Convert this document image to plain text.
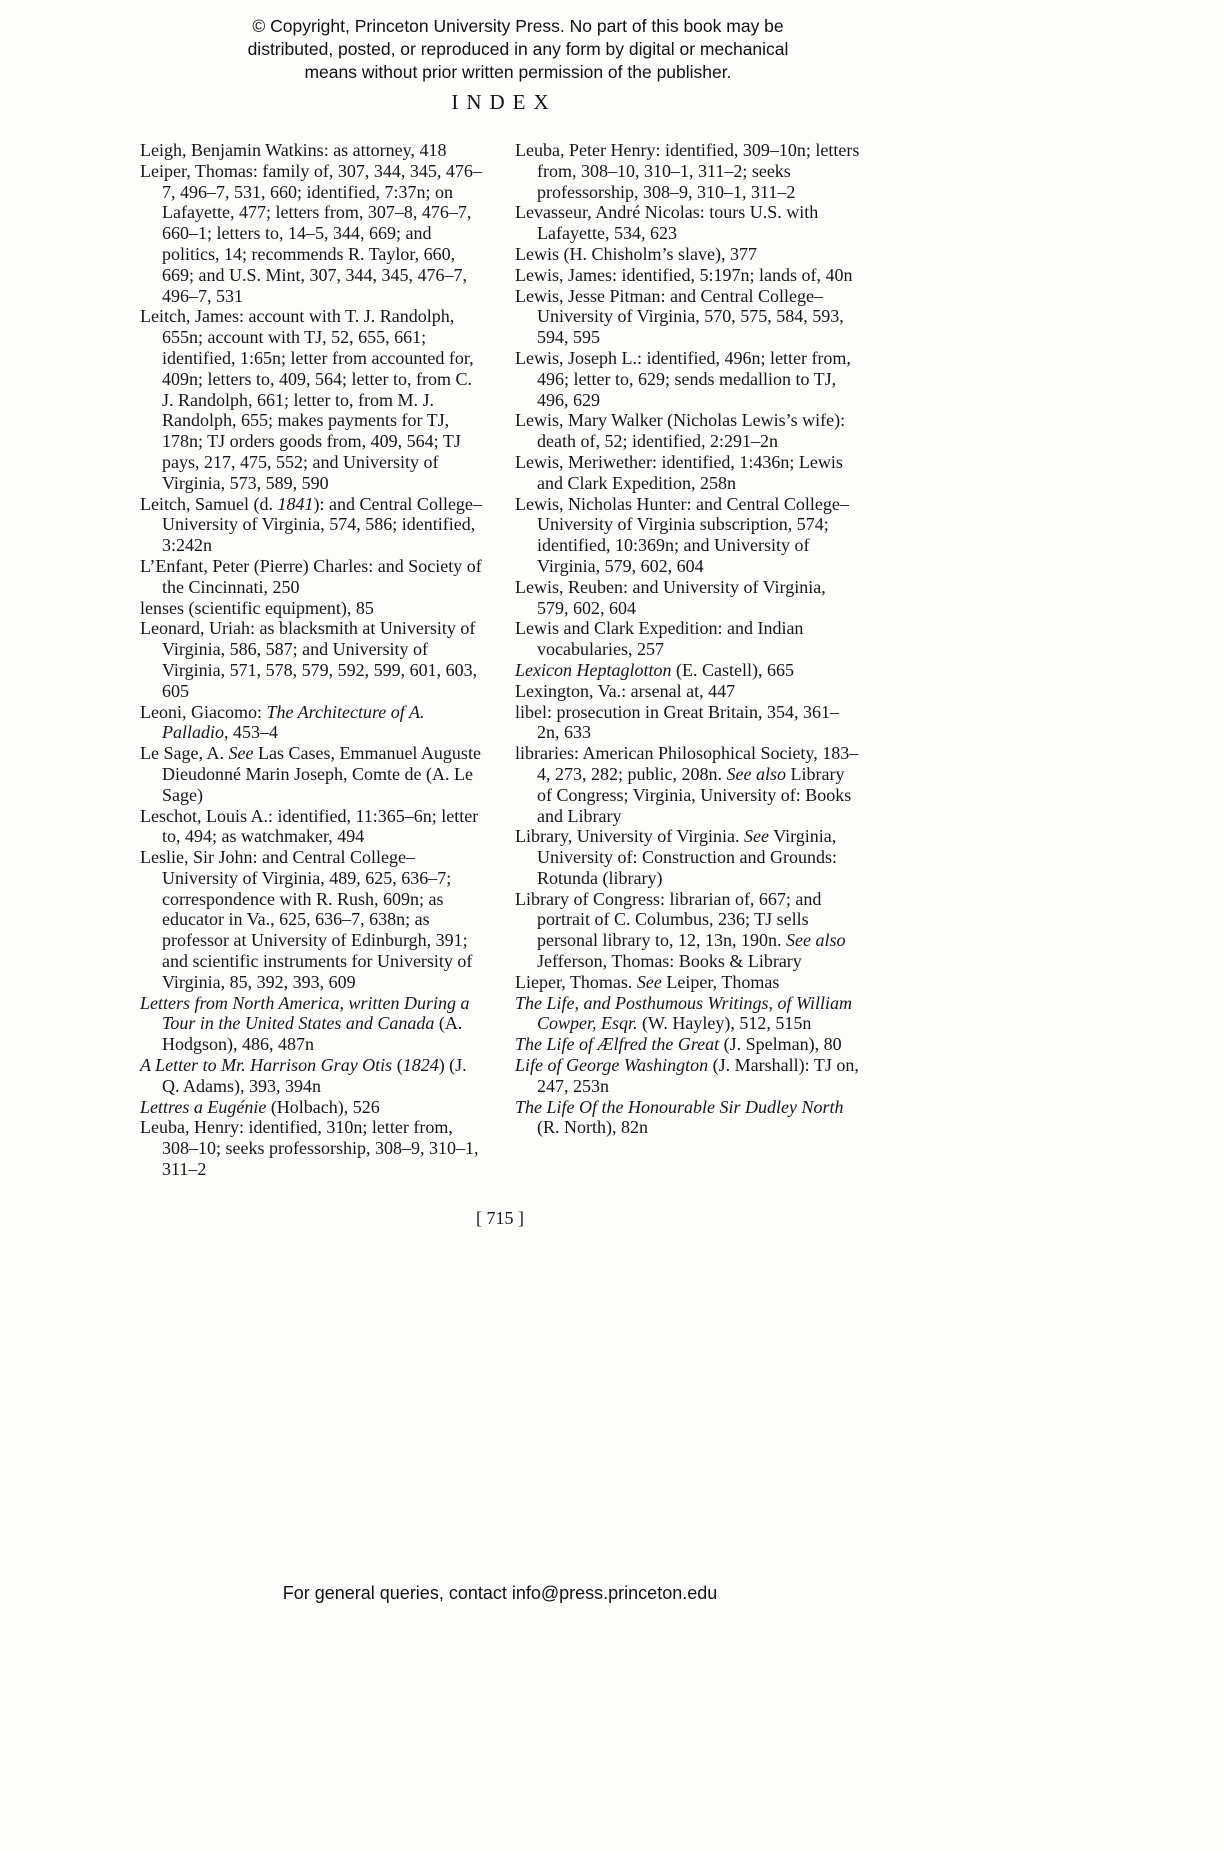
© Copyright, Princeton University Press. No part of this book may be distributed, posted, or reproduced in any form by digital or mechanical means without prior written permission of the publisher.

INDEX

Leigh, Benjamin Watkins: as attorney, 418

Leiper, Thomas: family of, 307, 344, 345, 476–7, 496–7, 531, 660; identified, 7:37n; on Lafayette, 477; letters from, 307–8, 476–7, 660–1; letters to, 14–5, 344, 669; and politics, 14; recommends R. Taylor, 660, 669; and U.S. Mint, 307, 344, 345, 476–7, 496–7, 531

Leitch, James: account with T. J. Randolph, 655n; account with TJ, 52, 655, 661; identified, 1:65n; letter from accounted for, 409n; letters to, 409, 564; letter to, from C. J. Randolph, 661; letter to, from M. J. Randolph, 655; makes payments for TJ, 178n; TJ orders goods from, 409, 564; TJ pays, 217, 475, 552; and University of Virginia, 573, 589, 590

Leitch, Samuel (d. 1841): and Central College–University of Virginia, 574, 586; identified, 3:242n

L’Enfant, Peter (Pierre) Charles: and Society of the Cincinnati, 250

lenses (scientific equipment), 85

Leonard, Uriah: as blacksmith at University of Virginia, 586, 587; and University of Virginia, 571, 578, 579, 592, 599, 601, 603, 605

Leoni, Giacomo: The Architecture of A. Palladio, 453–4

Le Sage, A. See Las Cases, Emmanuel Auguste Dieudonné Marin Joseph, Comte de (A. Le Sage)

Leschot, Louis A.: identified, 11:365–6n; letter to, 494; as watchmaker, 494

Leslie, Sir John: and Central College–University of Virginia, 489, 625, 636–7; correspondence with R. Rush, 609n; as educator in Va., 625, 636–7, 638n; as professor at University of Edinburgh, 391; and scientific instruments for University of Virginia, 85, 392, 393, 609

Letters from North America, written During a Tour in the United States and Canada (A. Hodgson), 486, 487n

A Letter to Mr. Harrison Gray Otis (1824) (J. Q. Adams), 393, 394n

Lettres a Eugénie (Holbach), 526

Leuba, Henry: identified, 310n; letter from, 308–10; seeks professorship, 308–9, 310–1, 311–2

Leuba, Peter Henry: identified, 309–10n; letters from, 308–10, 310–1, 311–2; seeks professorship, 308–9, 310–1, 311–2

Levasseur, André Nicolas: tours U.S. with Lafayette, 534, 623

Lewis (H. Chisholm’s slave), 377

Lewis, James: identified, 5:197n; lands of, 40n

Lewis, Jesse Pitman: and Central College–University of Virginia, 570, 575, 584, 593, 594, 595

Lewis, Joseph L.: identified, 496n; letter from, 496; letter to, 629; sends medallion to TJ, 496, 629

Lewis, Mary Walker (Nicholas Lewis’s wife): death of, 52; identified, 2:291–2n

Lewis, Meriwether: identified, 1:436n; Lewis and Clark Expedition, 258n

Lewis, Nicholas Hunter: and Central College–University of Virginia subscription, 574; identified, 10:369n; and University of Virginia, 579, 602, 604

Lewis, Reuben: and University of Virginia, 579, 602, 604

Lewis and Clark Expedition: and Indian vocabularies, 257

Lexicon Heptaglotton (E. Castell), 665

Lexington, Va.: arsenal at, 447

libel: prosecution in Great Britain, 354, 361–2n, 633

libraries: American Philosophical Society, 183–4, 273, 282; public, 208n. See also Library of Congress; Virginia, University of: Books and Library

Library, University of Virginia. See Virginia, University of: Construction and Grounds: Rotunda (library)

Library of Congress: librarian of, 667; and portrait of C. Columbus, 236; TJ sells personal library to, 12, 13n, 190n. See also Jefferson, Thomas: Books & Library

Lieper, Thomas. See Leiper, Thomas

The Life, and Posthumous Writings, of William Cowper, Esqr. (W. Hayley), 512, 515n

The Life of Ælfred the Great (J. Spelman), 80

Life of George Washington (J. Marshall): TJ on, 247, 253n

The Life Of the Honourable Sir Dudley North (R. North), 82n

[ 715 ]

For general queries, contact info@press.princeton.edu
